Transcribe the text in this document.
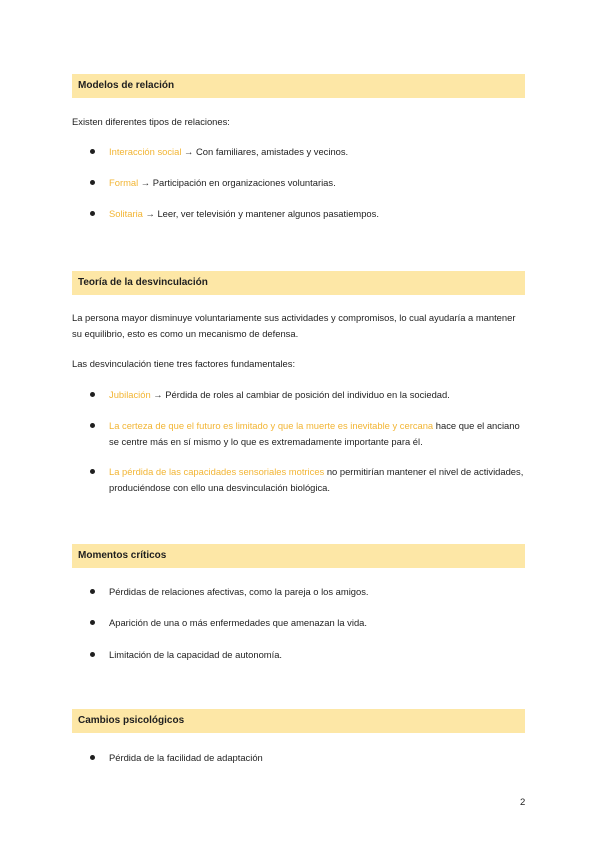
Modelos de relación
Existen diferentes tipos de relaciones:
Interacción social → Con familiares, amistades y vecinos.
Formal → Participación en organizaciones voluntarias.
Solitaria → Leer, ver televisión y mantener algunos pasatiempos.
Teoría de la desvinculación
La persona mayor disminuye voluntariamente sus actividades y compromisos, lo cual ayudaría a mantener su equilibrio, esto es como un mecanismo de defensa.
Las desvinculación tiene tres factores fundamentales:
Jubilación → Pérdida de roles al cambiar de posición del individuo en la sociedad.
La certeza de que el futuro es limitado y que la muerte es inevitable y cercana hace que el anciano se centre más en sí mismo y lo que es extremadamente importante para él.
La pérdida de las capacidades sensoriales motrices no permitirían mantener el nivel de actividades, produciéndose con ello una desvinculación biológica.
Momentos críticos
Pérdidas de relaciones afectivas, como la pareja o los amigos.
Aparición de una o más enfermedades que amenazan la vida.
Limitación de la capacidad de autonomía.
Cambios psicológicos
Pérdida de la facilidad de adaptación
2
